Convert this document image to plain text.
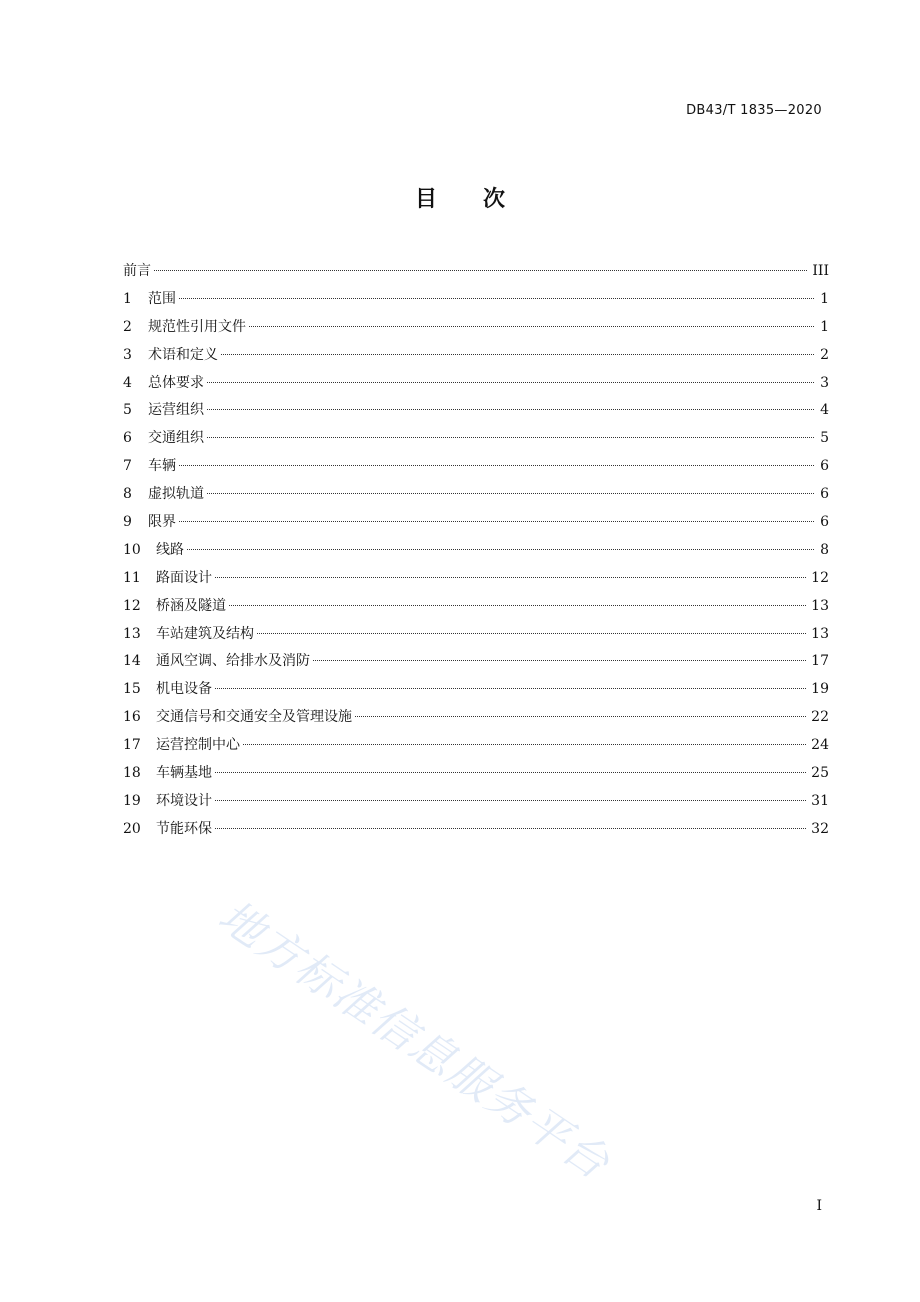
DB43/T 1835—2020
目 次
前言	III
1	范围	1
2	规范性引用文件	1
3	术语和定义	2
4	总体要求	3
5	运营组织	4
6	交通组织	5
7	车辆	6
8	虚拟轨道	6
9	限界	6
10	线路	8
11	路面设计	12
12	桥涵及隧道	13
13	车站建筑及结构	13
14	通风空调、给排水及消防	17
15	机电设备	19
16	交通信号和交通安全及管理设施	22
17	运营控制中心	24
18	车辆基地	25
19	环境设计	31
20	节能环保	32
地方标准信息服务平台
I
